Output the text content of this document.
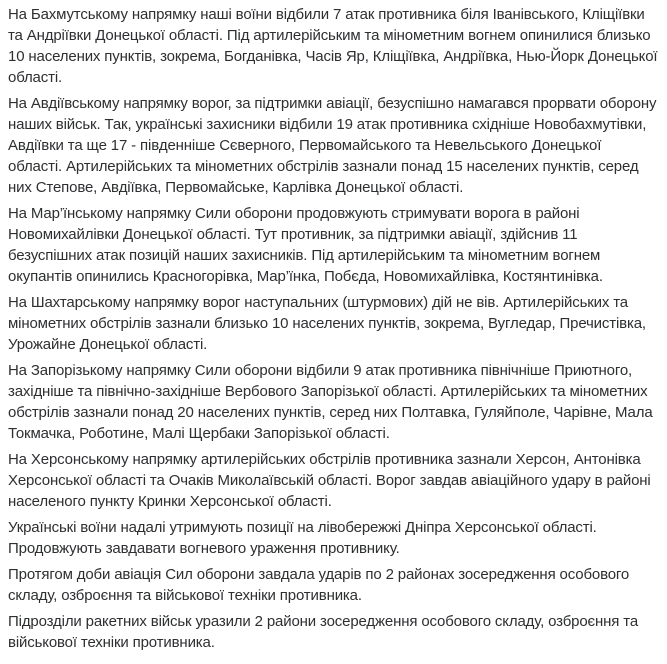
На Бахмутському напрямку наші воїни відбили 7 атак противника біля Іванівського, Кліщіївки та Андріївки Донецької області. Під артилерійським та мінометним вогнем опинилися близько 10 населених пунктів, зокрема, Богданівка, Часів Яр, Кліщіївка, Андріївка, Нью-Йорк Донецької області.

На Авдіївському напрямку ворог, за підтримки авіації, безуспішно намагався прорвати оборону наших військ. Так, українські захисники відбили 19 атак противника східніше Новобахмутівки, Авдіївки та ще 17 - південніше Сєверного, Первомайського та Невельського Донецької області. Артилерійських та мінометних обстрілів зазнали понад 15 населених пунктів, серед них Степове, Авдіївка, Первомайське, Карлівка Донецької області.

На Мар’їнському напрямку Сили оборони продовжують стримувати ворога в районі Новомихайлівки Донецької області. Тут противник, за підтримки авіації, здійснив 11 безуспішних атак позицій наших захисників. Під артилерійським та мінометним вогнем окупантів опинились Красногорівка, Мар’їнка, Побєда, Новомихайлівка, Костянтинівка.

На Шахтарському напрямку ворог наступальних (штурмових) дій не вів. Артилерійських та мінометних обстрілів зазнали близько 10 населених пунктів, зокрема, Вугледар, Пречистівка, Урожайне Донецької області.

На Запорізькому напрямку Сили оборони відбили 9 атак противника північніше Приютного, західніше та північно-західніше Вербового Запорізької області. Артилерійських та мінометних обстрілів зазнали понад 20 населених пунктів, серед них Полтавка, Гуляйполе, Чарівне, Мала Токмачка, Роботине, Малі Щербаки Запорізької області.

На Херсонському напрямку артилерійських обстрілів противника зазнали Херсон, Антонівка Херсонської області та Очаків Миколаївській області. Ворог завдав авіаційного удару в районі населеного пункту Кринки Херсонської області.

Українські воїни надалі утримують позиції на лівобережжі Дніпра Херсонської області. Продовжують завдавати вогневого ураження противнику.

Протягом доби авіація Сил оборони завдала ударів по 2 районах зосередження особового складу, озброєння та військової техніки противника.

Підрозділи ракетних військ уразили 2 райони зосередження особового складу, озброєння та військової техніки противника.
